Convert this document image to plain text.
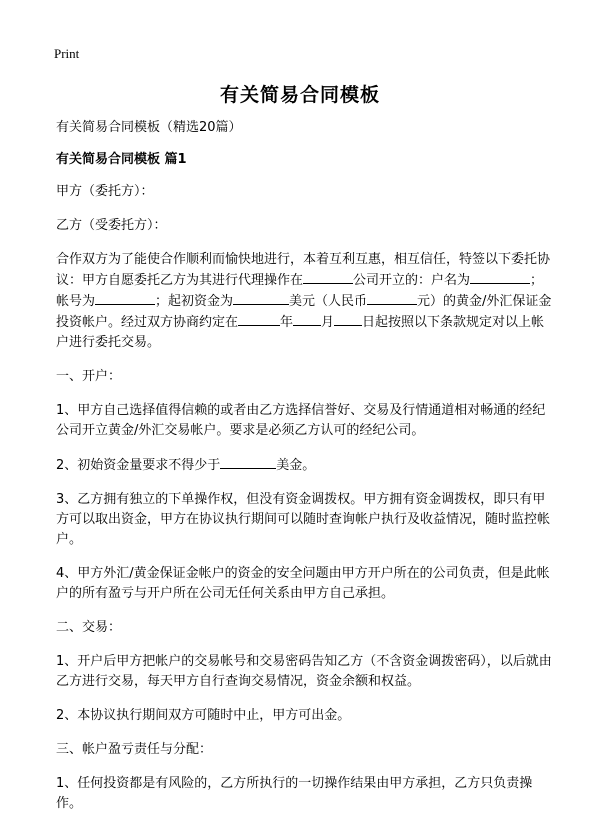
Print
有关简易合同模板

有关简易合同模板（精选20篇）

有关简易合同模板 篇1

甲方（委托方）：

乙方（受委托方）：

合作双方为了能使合作顺利而愉快地进行，本着互利互惠，相互信任，特签以下委托协议：甲方自愿委托乙方为其进行代理操作在	公司开立的：户名为	；帐号为	；起初资金为	美元（人民币	元）的黄金/外汇保证金投资帐户。经过双方协商约定在	年 月 日起按照以下条款规定对以上帐户进行委托交易。

一、开户：

1、甲方自己选择值得信赖的或者由乙方选择信誉好、交易及行情通道相对畅通的经纪公司开立黄金/外汇交易帐户。要求是必须乙方认可的经纪公司。

2、初始资金量要求不得少于	美金。

3、乙方拥有独立的下单操作权，但没有资金调拨权。甲方拥有资金调拨权，即只有甲方可以取出资金，甲方在协议执行期间可以随时查询帐户执行及收益情况，随时监控帐户。

4、甲方外汇/黄金保证金帐户的资金的安全问题由甲方开户所在的公司负责，但是此帐户的所有盈亏与开户所在公司无任何关系由甲方自己承担。

二、交易：

1、开户后甲方把帐户的交易帐号和交易密码告知乙方（不含资金调拨密码），以后就由乙方进行交易，每天甲方自行查询交易情况，资金余额和权益。

2、本协议执行期间双方可随时中止，甲方可出金。

三、帐户盈亏责任与分配：

1、任何投资都是有风险的，乙方所执行的一切操作结果由甲方承担，乙方只负责操作。
